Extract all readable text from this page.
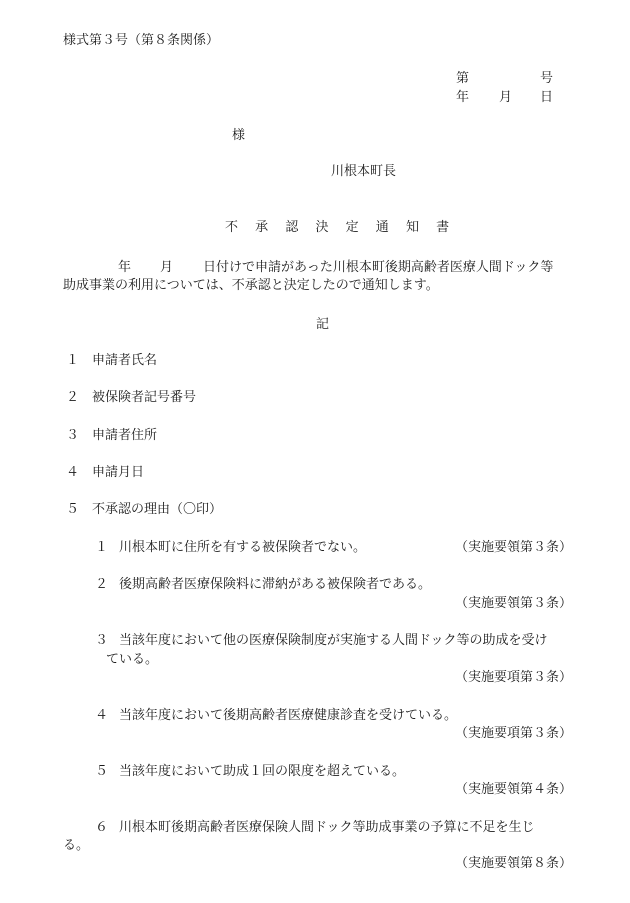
様式第３号（第８条関係）
第	号
年 月 日
様
川根本町長
不 承 認 決 定 通 知 書
年 月 日付けで申請があった川根本町後期高齢者医療人間ドック等
助成事業の利用については、不承認と決定したので通知します。
記
１ 申請者氏名
２ 被保険者記号番号
３ 申請者住所
４ 申請月日
５ 不承認の理由（〇印）
１ 川根本町に住所を有する被保険者でない。	（実施要領第３条）
２ 後期高齢者医療保険料に滞納がある被保険者である。
（実施要領第３条）
３ 当該年度において他の医療保険制度が実施する人間ドック等の助成を受け
ている。
（実施要項第３条）
４ 当該年度において後期高齢者医療健康診査を受けている。
（実施要項第３条）
５ 当該年度において助成１回の限度を超えている。
（実施要領第４条）
６ 川根本町後期高齢者医療保険人間ドック等助成事業の予算に不足を生じ
る。
（実施要領第８条）
